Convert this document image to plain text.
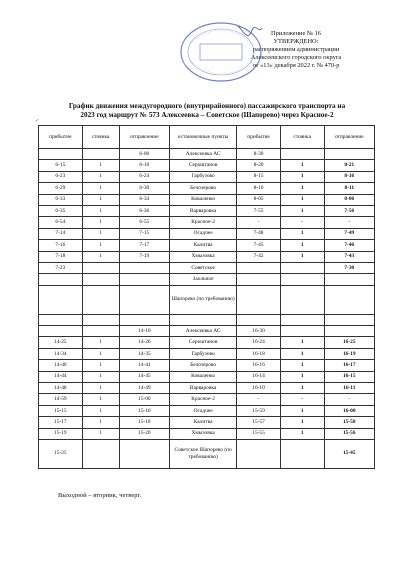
Приложение № 16
УТВЕРЖДЕНО:
распоряжением администрации
Алексеевского городского округа
от «13» декабря 2022 г. № 470-р
График движения междугородного (внутрирайонного) пассажирского транспорта на
2023 год маршрут № 573 Алексеевка – Советское (Шапорево) через Красное-2
✓
прибытие	стоянка	отправление	остановочные пункты	прибытие	стоянка	отправление
		6-00	Алексеевка АС	8-30		
6-15	1	6-16	Сероштанов	8-20	1	8-21
6-23	1	6-24	Гарбузово	8-15	1	8-16
6-29	1	6-30	Белозерово	8-10	1	8-11
6-33	1	6-34	Коваленко	8-05	1	8-06
6-35	1	6-36	Варваровка	7-55	1	7-56
6-54	1	6-55	Красное-2	-	-	-
7-14	1	7-15	Осадчее	7-48	1	7-49
7-16	1	7-17	Калитва	7-45	1	7-46
7-18	1	7-19	Хмызовка	7-42	1	7-43
7-23			Советское			7-30
			Заольное			
			Шапорево (по требованию)			

		14-10	Алексеевка АС	16-30		
14-25	1	14-26	Сероштанов	16-24	1	16-25
14-34	1	14-35	Гарбузово	16-18	1	16-19
14-40	1	14-41	Белозерово	16-16	1	16-17
14-44	1	14-45	Коваленко	16-14	1	16-15
14-48	1	14-49	Варваровка	16-10	1	16-11
14-59	1	15-00	Красное-2	-	-	-
15-15	1	15-16	Осадчее	15-59	1	16-00
15-17	1	15-18	Калитва	15-57	1	15-58
15-19	1	15-20	Хмызовка	15-55	1	15-56
15-25			Советское Шапорево (по требованию)			15-45
Выходной – вторник, четверг.
